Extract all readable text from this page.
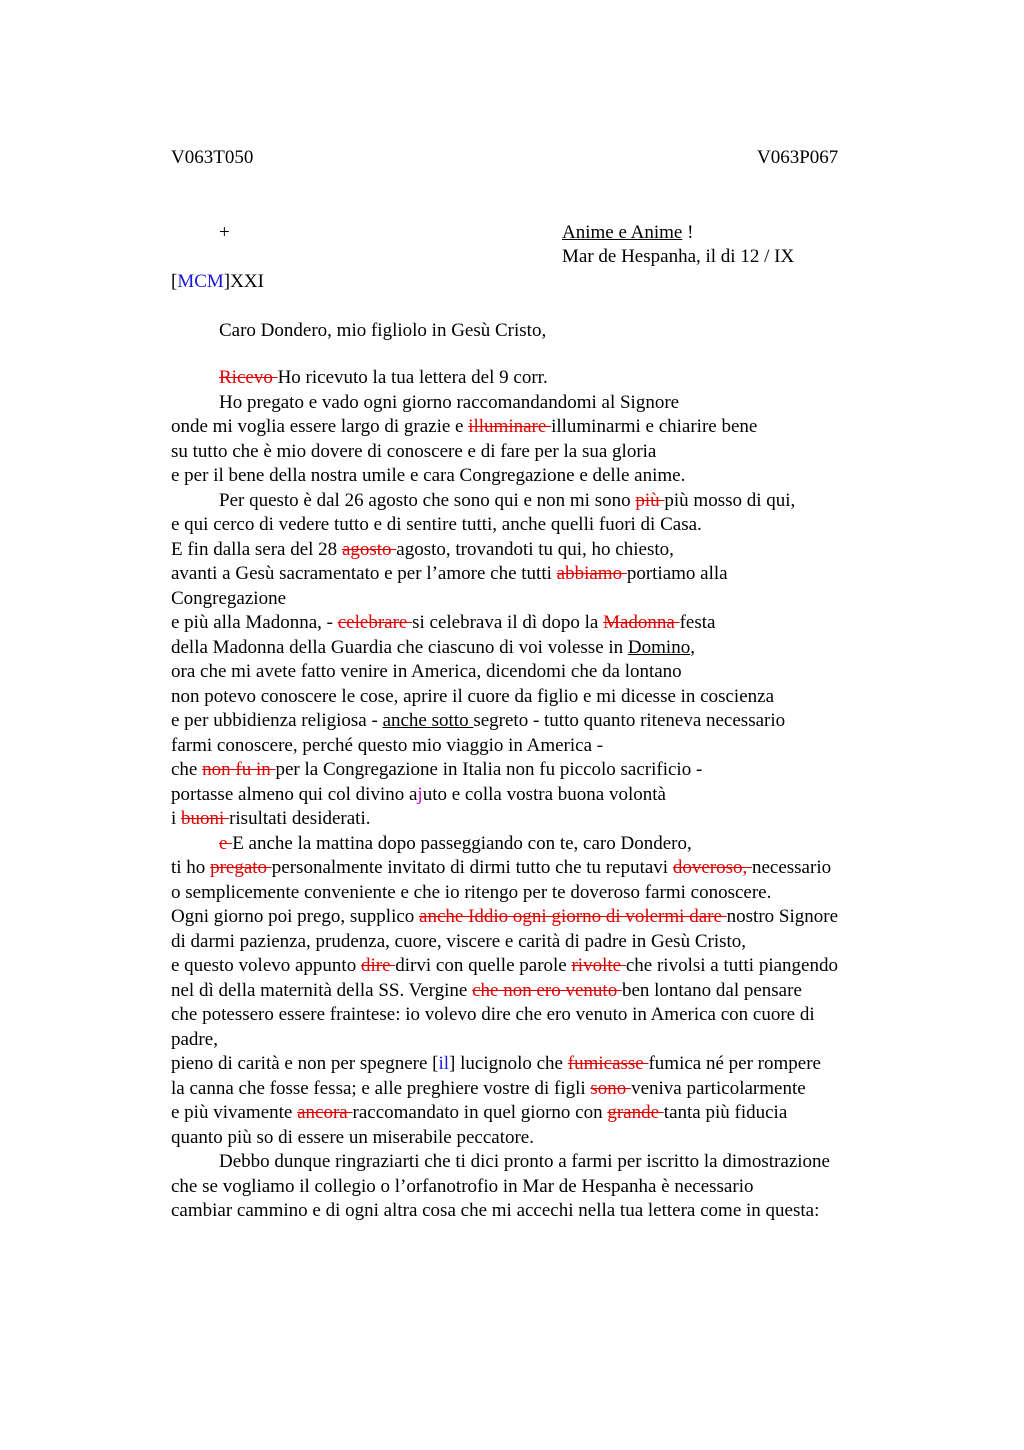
V063T050	V063P067
+	Anime e Anime !
Mar de Hespanha, il di 12 / IX
[MCM]XXI
Caro Dondero, mio figliolo in Gesù Cristo,
Ricevo Ho ricevuto la tua lettera del 9 corr.
Ho pregato e vado ogni giorno raccomandandomi al Signore
onde mi voglia essere largo di grazie e illuminare illuminarmi e chiarire bene
su tutto che è mio dovere di conoscere e di fare per la sua gloria
e per il bene della nostra umile e cara Congregazione e delle anime.
Per questo è dal 26 agosto che sono qui e non mi sono più più mosso di qui,
e qui cerco di vedere tutto e di sentire tutti, anche quelli fuori di Casa.
E fin dalla sera del 28 agosto agosto, trovandoti tu qui, ho chiesto,
avanti a Gesù sacramentato e per l’amore che tutti abbiamo portiamo alla
Congregazione
e più alla Madonna, - celebrare si celebrava il dì dopo la Madonna festa
della Madonna della Guardia che ciascuno di voi volesse in Domino,
ora che mi avete fatto venire in America, dicendomi che da lontano
non potevo conoscere le cose, aprire il cuore da figlio e mi dicesse in coscienza
e per ubbidienza religiosa - anche sotto segreto - tutto quanto riteneva necessario
farmi conoscere, perché questo mio viaggio in America -
che non fu in per la Congregazione in Italia non fu piccolo sacrificio -
portasse almeno qui col divino ajuto e colla vostra buona volontà
i buoni risultati desiderati.
e E anche la mattina dopo passeggiando con te, caro Dondero,
ti ho pregato personalmente invitato di dirmi tutto che tu reputavi doveroso, necessario
o semplicemente conveniente e che io ritengo per te doveroso farmi conoscere.
Ogni giorno poi prego, supplico anche Iddio ogni giorno di volermi dare nostro Signore
di darmi pazienza, prudenza, cuore, viscere e carità di padre in Gesù Cristo,
e questo volevo appunto dire dirvi con quelle parole rivolte che rivolsi a tutti piangendo
nel dì della maternità della SS. Vergine che non ero venuto ben lontano dal pensare
che potessero essere fraintese: io volevo dire che ero venuto in America con cuore di
padre,
pieno di carità e non per spegnere [il] lucignolo che fumicasse fumica né per rompere
la canna che fosse fessa; e alle preghiere vostre di figli sono veniva particolarmente
e più vivamente ancora raccomandato in quel giorno con grande tanta più fiducia
quanto più so di essere un miserabile peccatore.
Debbo dunque ringraziarti che ti dici pronto a farmi per iscritto la dimostrazione
che se vogliamo il collegio o l’orfanotrofio in Mar de Hespanha è necessario
cambiar cammino e di ogni altra cosa che mi accechi nella tua lettera come in questa:
